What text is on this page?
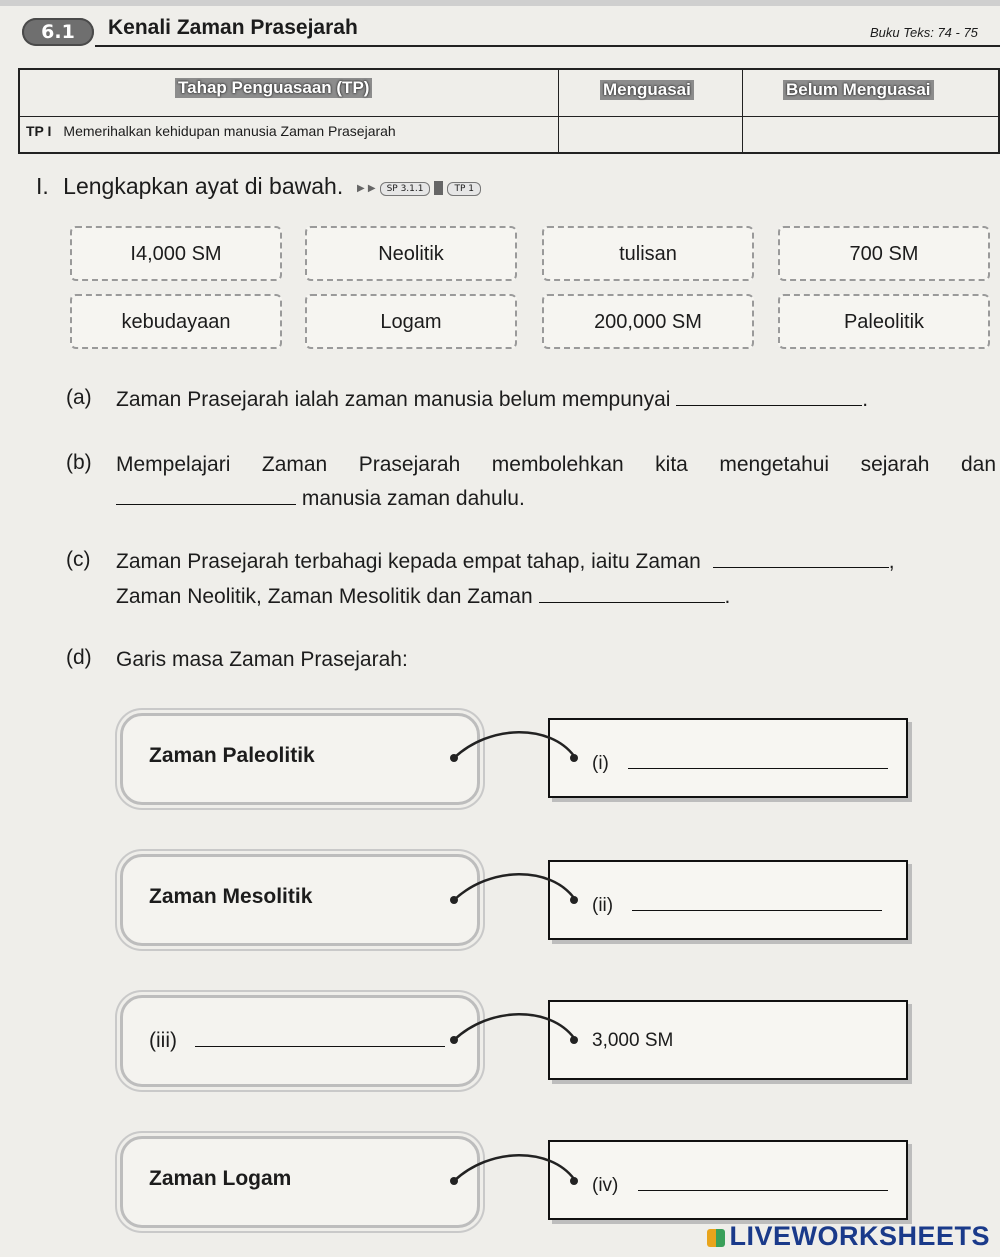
6.1	Kenali Zaman Prasejarah	Buku Teks: 74 - 75
Tahap Penguasaan (TP)	Menguasai	Belum Menguasai
TP I Memerihalkan kehidupan manusia Zaman Prasejarah
I. Lengkapkan ayat di bawah. ▶ ▶ SP 3.1.1	TP 1
I4,000 SM	Neolitik	tulisan	700 SM
kebudayaan	Logam	200,000 SM	Paleolitik
(a) Zaman Prasejarah ialah zaman manusia belum mempunyai	.
(b) Mempelajari Zaman Prasejarah membolehkan kita mengetahui sejarah dan
manusia zaman dahulu.
(c) Zaman Prasejarah terbahagi kepada empat tahap, iaitu Zaman	,
Zaman Neolitik, Zaman Mesolitik dan Zaman	.
(d) Garis masa Zaman Prasejarah:
Zaman Paleolitik	(i)
Zaman Mesolitik	(ii)
(iii)	3,000 SM
Zaman Logam	(iv)
LIVEWORKSHEETS
